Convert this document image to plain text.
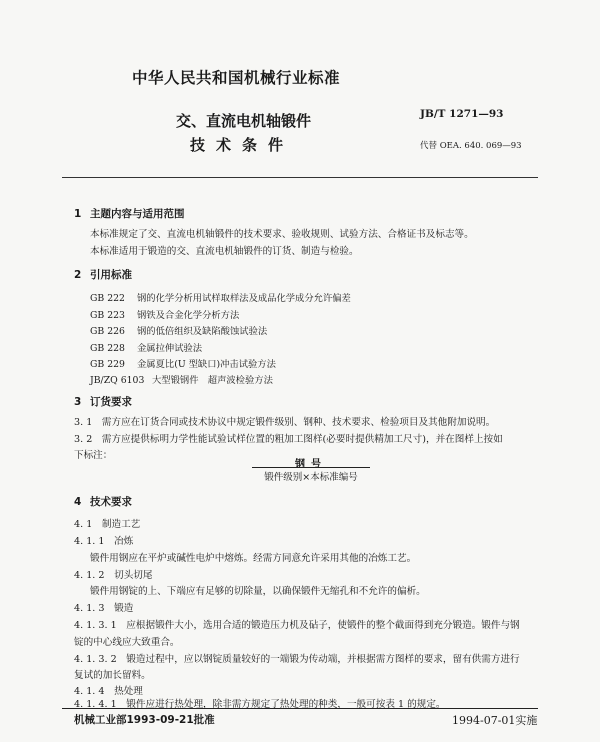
中华人民共和国机械行业标准
交、直流电机轴锻件
技术条件
JB/T 1271—93
代替 OEA. 640. 069—93
1 主题内容与适用范围
本标准规定了交、直流电机轴锻件的技术要求、验收规则、试验方法、合格证书及标志等。
本标准适用于锻造的交、直流电机轴锻件的订货、制造与检验。
2 引用标准
GB 222 钢的化学分析用试样取样法及成品化学成分允许偏差
GB 223 钢铁及合金化学分析方法
GB 226 钢的低倍组织及缺陷酸蚀试验法
GB 228 金属拉伸试验法
GB 229 金属夏比(U 型缺口)冲击试验方法
JB/ZQ 6103 大型锻钢件　超声波检验方法
3 订货要求
3. 1　需方应在订货合同或技术协议中规定锻件级别、钢种、技术要求、检验项目及其他附加说明。
3. 2　需方应提供标明力学性能试验试样位置的粗加工图样(必要时提供精加工尺寸)，并在图样上按如
下标注：
钢号
锻件级别×本标准编号
4 技术要求
4. 1　制造工艺
4. 1. 1　冶炼
锻件用钢应在平炉或碱性电炉中熔炼。经需方同意允许采用其他的冶炼工艺。
4. 1. 2　切头切尾
锻件用钢锭的上、下端应有足够的切除量，以确保锻件无缩孔和不允许的偏析。
4. 1. 3　锻造
4. 1. 3. 1　应根据锻件大小，选用合适的锻造压力机及砧子，使锻件的整个截面得到充分锻造。锻件与钢
锭的中心线应大致重合。
4. 1. 3. 2　锻造过程中，应以钢锭质量较好的一端锻为传动端，并根据需方图样的要求，留有供需方进行
复试的加长留料。
4. 1. 4　热处理
4. 1. 4. 1　锻件应进行热处理，除非需方规定了热处理的种类，一般可按表 1 的规定。
机械工业部1993-09-21批准	1994-07-01实施
